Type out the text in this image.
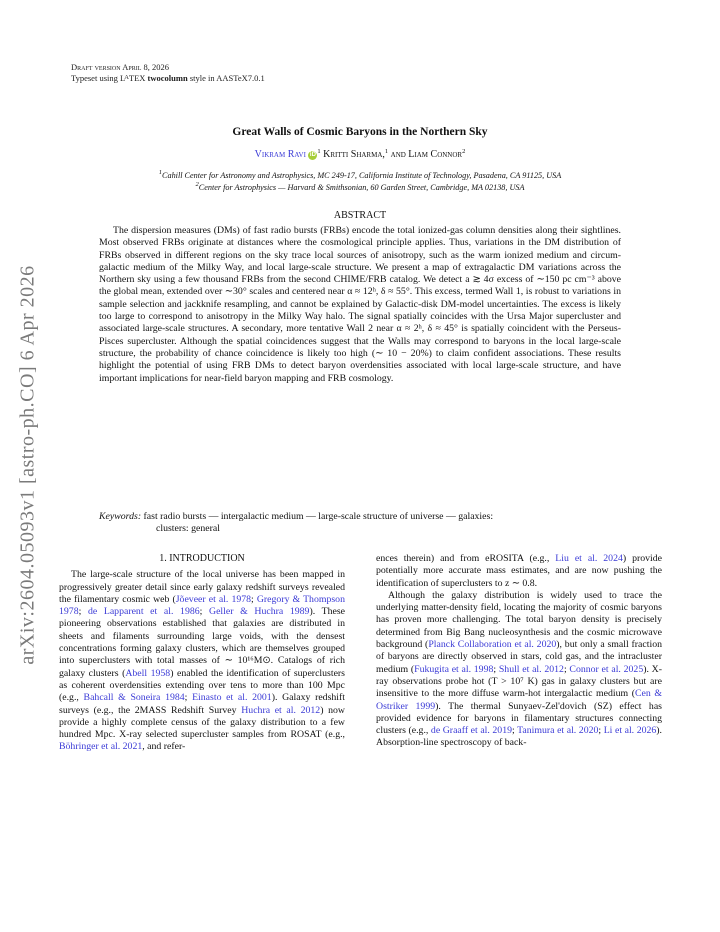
arXiv:2604.05093v1 [astro-ph.CO] 6 Apr 2026
Draft version April 8, 2026
Typeset using $L^ATEX$ twocolumn style in AASTeX7.0.1
Great Walls of Cosmic Baryons in the Northern Sky
Vikram Ravi iD $^1$ Kritti Sharma,$^1$ and Liam Connor$^2$
$^1$Cahill Center for Astronomy and Astrophysics, MC 249-17, California Institute of Technology, Pasadena, CA 91125, USA
$^2$Center for Astrophysics — Harvard & Smithsonian, 60 Garden Street, Cambridge, MA 02138, USA
ABSTRACT

The dispersion measures (DMs) of fast radio bursts (FRBs) encode the total ionized-gas column densities along their sightlines. Most observed FRBs originate at distances where the cosmological principle applies. Thus, variations in the DM distribution of FRBs observed in different regions on the sky trace local sources of anisotropy, such as the warm ionized medium and circum-galactic medium of the Milky Way, and local large-scale structure. We present a map of extragalactic DM variations across the Northern sky using a few thousand FRBs from the second CHIME/FRB catalog. We detect a ≳ 4σ excess of ∼150 pc cm⁻³ above the global mean, extended over ∼30° scales and centered near α ≈ 12ʰ, δ ≈ 55°. This excess, termed Wall 1, is robust to variations in sample selection and jackknife resampling, and cannot be explained by Galactic-disk DM-model uncertainties. The excess is likely too large to correspond to anisotropy in the Milky Way halo. The signal spatially coincides with the Ursa Major supercluster and associated large-scale structures. A secondary, more tentative Wall 2 near α ≈ 2ʰ, δ ≈ 45° is spatially coincident with the Perseus-Pisces supercluster. Although the spatial coincidences suggest that the Walls may correspond to baryons in the local large-scale structure, the probability of chance coincidence is likely too high (∼ 10 − 20%) to claim confident associations. These results highlight the potential of using FRB DMs to detect baryon overdensities associated with local large-scale structure, and have important implications for near-field baryon mapping and FRB cosmology.

Keywords: fast radio bursts — intergalactic medium — large-scale structure of universe — galaxies:
clusters: general

1. INTRODUCTION

The large-scale structure of the local universe has been mapped in progressively greater detail since early galaxy redshift surveys revealed the filamentary cosmic web (Jõeveer et al. 1978; Gregory & Thompson 1978; de Lapparent et al. 1986; Geller & Huchra 1989). These pioneering observations established that galaxies are distributed in sheets and filaments surrounding large voids, with the densest concentrations forming galaxy clusters, which are themselves grouped into superclusters with total masses of ∼ 10¹⁶M⊙. Catalogs of rich galaxy clusters (Abell 1958) enabled the identification of superclusters as coherent overdensities extending over tens to more than 100 Mpc (e.g., Bahcall & Soneira 1984; Einasto et al. 2001). Galaxy redshift surveys (e.g., the 2MASS Redshift Survey Huchra et al. 2012) now provide a highly complete census of the galaxy distribution to a few hundred Mpc. X-ray selected supercluster samples from ROSAT (e.g., Böhringer et al. 2021, and refer-

ences therein) and from eROSITA (e.g., Liu et al. 2024) provide potentially more accurate mass estimates, and are now pushing the identification of superclusters to z ∼ 0.8.

Although the galaxy distribution is widely used to trace the underlying matter-density field, locating the majority of cosmic baryons has proven more challenging. The total baryon density is precisely determined from Big Bang nucleosynthesis and the cosmic microwave background (Planck Collaboration et al. 2020), but only a small fraction of baryons are directly observed in stars, cold gas, and the intracluster medium (Fukugita et al. 1998; Shull et al. 2012; Connor et al. 2025). X-ray observations probe hot (T > 10⁷ K) gas in galaxy clusters but are insensitive to the more diffuse warm-hot intergalactic medium (Cen & Ostriker 1999). The thermal Sunyaev-Zel'dovich (SZ) effect has provided evidence for baryons in filamentary structures connecting clusters (e.g., de Graaff et al. 2019; Tanimura et al. 2020; Li et al. 2026). Absorption-line spectroscopy of back-
